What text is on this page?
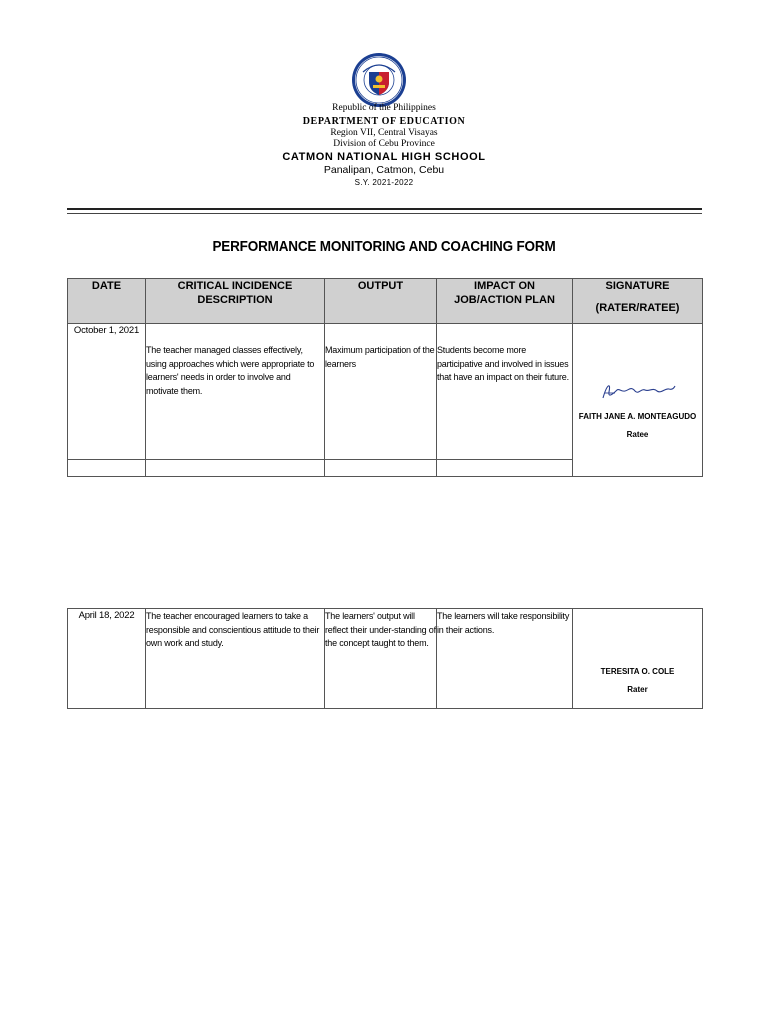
Republic of the Philippines
DEPARTMENT OF EDUCATION
Region VII, Central Visayas
Division of Cebu Province
CATMON NATIONAL HIGH SCHOOL
Panalipan, Catmon, Cebu
S.Y. 2021-2022
PERFORMANCE MONITORING AND COACHING FORM
DATE	CRITICAL INCIDENCE DESCRIPTION	OUTPUT	IMPACT ON JOB/ACTION PLAN	SIGNATURE
(RATER/RATEE)

October 1, 2021	The teacher managed classes effectively, using approaches which were appropriate to learners' needs in order to involve and motivate them.	Maximum participation of the learners	Students become more participative and involved in issues that have an impact on their future.	FAITH JANE A. MONTEAGUDO
Ratee

April 18, 2022	The teacher encouraged learners to take a responsible and conscientious attitude to their own work and study.	The learners' output will reflect their under-standing of the concept taught to them.	The learners will take responsibility in their actions.	
TERESITA O. COLE
Rater
